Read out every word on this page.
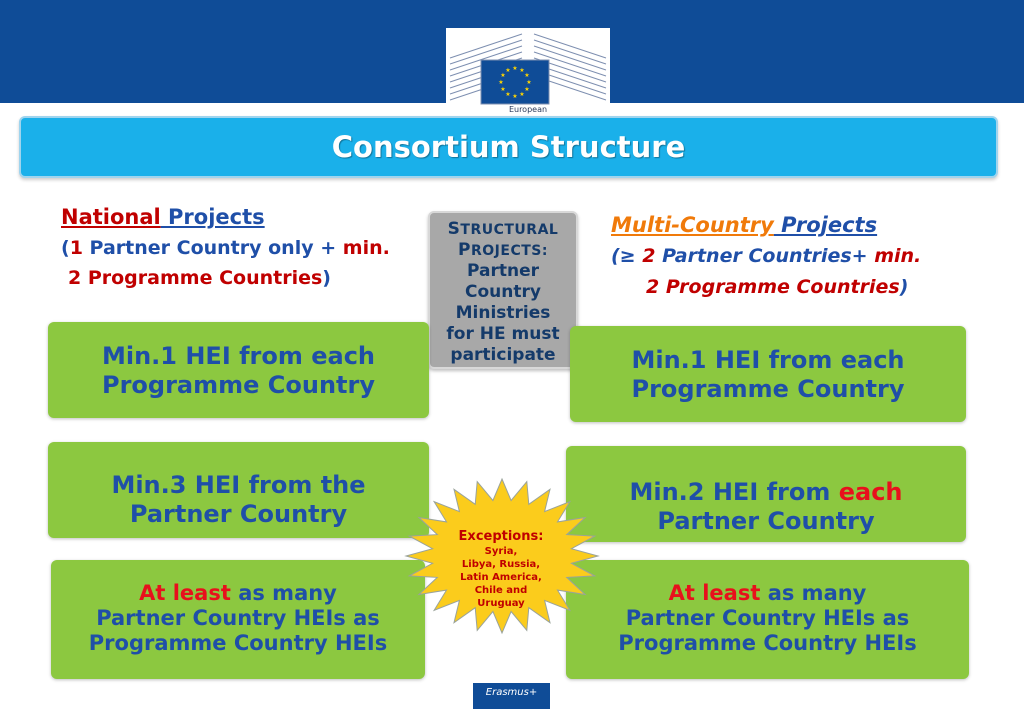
★ ★
★
★
★
★
★
★
★
★
★
★
European
Consortium Structure
National Projects
(1 Partner Country only + min.
2 Programme Countries)
Multi-Country Projects
(≥ 2 Partner Countries+ min.
2 Programme Countries)
STRUCTURAL
PROJECTS:
Partner
Country
Ministries
for HE must
participate
Min.1 HEI from each
Programme Country
Min.1 HEI from each
Programme Country
Min.3 HEI from the
Partner Country
Min.2 HEI from each
Partner Country
At least as many
Partner Country HEIs as
Programme Country HEIs
At least as many
Partner Country HEIs as
Programme Country HEIs
Exceptions:
Syria,
Libya, Russia,
Latin America,
Chile and
Uruguay
Erasmus+
